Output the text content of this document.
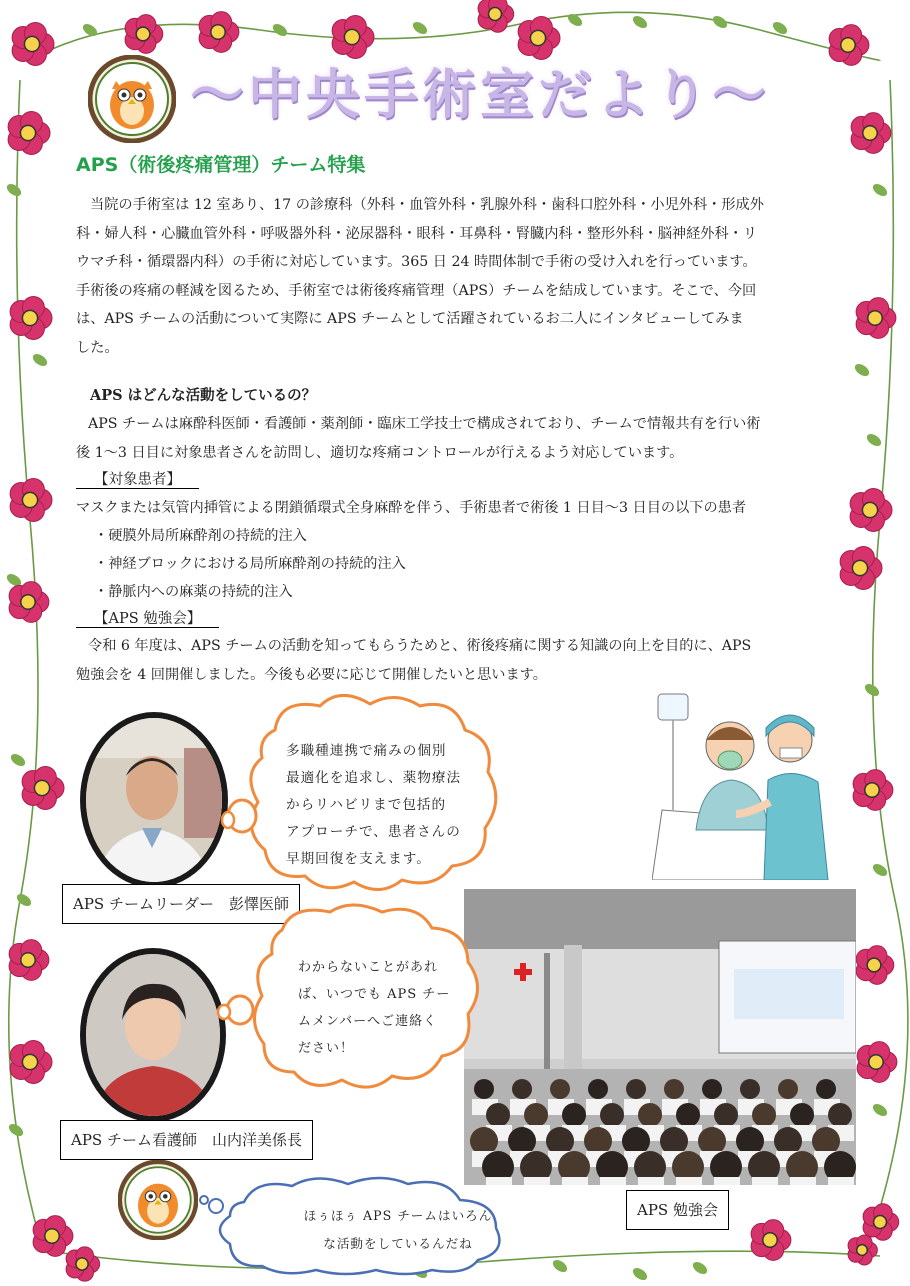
〜中央手術室だより〜
APS（術後疼痛管理）チーム特集
当院の手術室は 12 室あり、17 の診療科（外科・血管外科・乳腺外科・歯科口腔外科・小児外科・形成外
科・婦人科・心臓血管外科・呼吸器外科・泌尿器科・眼科・耳鼻科・腎臓内科・整形外科・脳神経外科・リ
ウマチ科・循環器内科）の手術に対応しています。365 日 24 時間体制で手術の受け入れを行っています。
手術後の疼痛の軽減を図るため、手術室では術後疼痛管理（APS）チームを結成しています。そこで、今回
は、APS チームの活動について実際に APS チームとして活躍されているお二人にインタビューしてみま
した。
APS はどんな活動をしているの？
APS チームは麻酔科医師・看護師・薬剤師・臨床工学技士で構成されており、チームで情報共有を行い術
後 1〜3 日目に対象患者さんを訪問し、適切な疼痛コントロールが行えるよう対応しています。
【対象患者】
マスクまたは気管内挿管による閉鎖循環式全身麻酔を伴う、手術患者で術後 1 日目〜3 日目の以下の患者
・硬膜外局所麻酔剤の持続的注入
・神経ブロックにおける局所麻酔剤の持続的注入
・静脈内への麻薬の持続的注入
【APS 勉強会】
令和 6 年度は、APS チームの活動を知ってもらうためと、術後疼痛に関する知識の向上を目的に、APS
勉強会を 4 回開催しました。今後も必要に応じて開催したいと思います。
多職種連携で痛みの個別
最適化を追求し、薬物療法
からリハビリまで包括的
アプローチで、患者さんの
早期回復を支えます。
APS チームリーダー　彭懌医師
わからないことがあれ
ば、いつでも APS チー
ムメンバーへご連絡く
ださい！
APS チーム看護師　山内洋美係長
APS 勉強会
ほぅほぅ APS チームはいろん
な活動をしているんだね
